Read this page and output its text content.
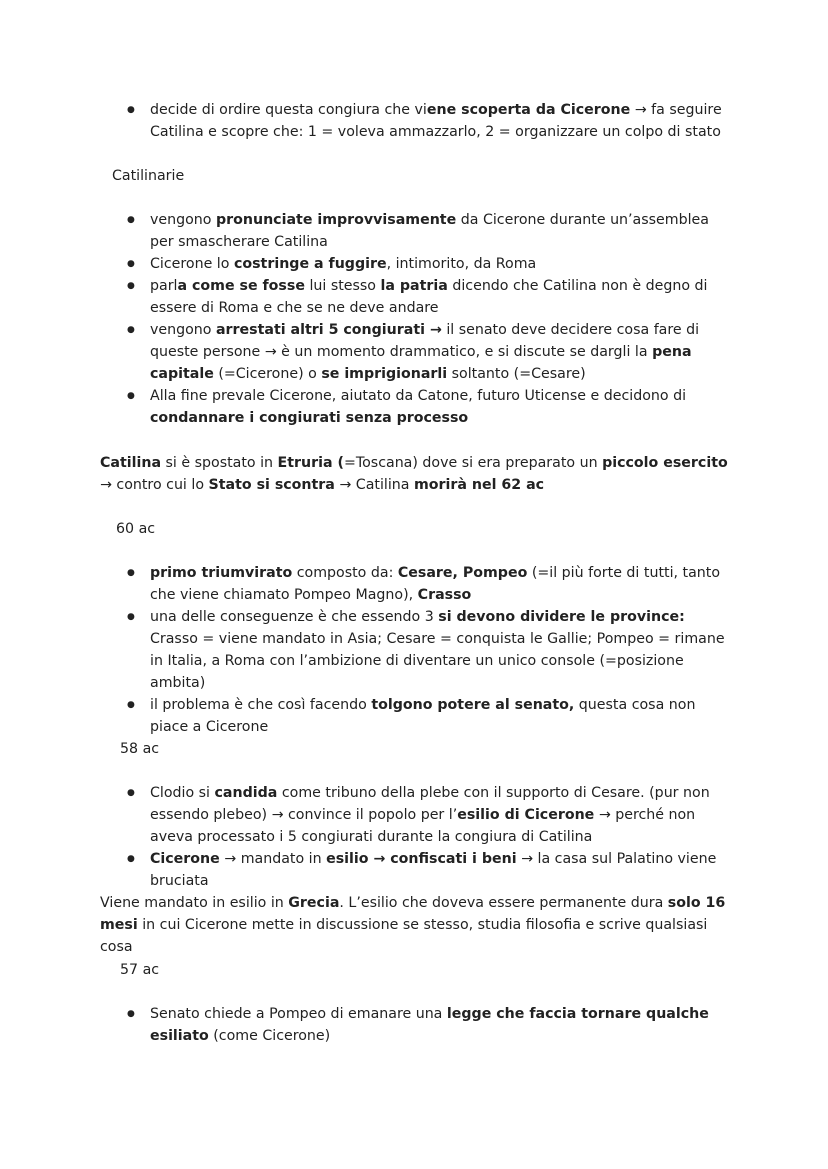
● decide di ordire questa congiura che viene scoperta da Cicerone → fa seguire Catilina e scopre che: 1 = voleva ammazzarlo, 2 = organizzare un colpo di stato

Catilinarie

● vengono pronunciate improvvisamente da Cicerone durante un’assemblea per smascherare Catilina
● Cicerone lo costringe a fuggire, intimorito, da Roma
● parla come se fosse lui stesso la patria dicendo che Catilina non è degno di essere di Roma e che se ne deve andare
● vengono arrestati altri 5 congiurati → il senato deve decidere cosa fare di queste persone → è un momento drammatico, e si discute se dargli la pena capitale (=Cicerone) o se imprigionarli soltanto (=Cesare)
● Alla fine prevale Cicerone, aiutato da Catone, futuro Uticense e decidono di condannare i congiurati senza processo

Catilina si è spostato in Etruria (=Toscana) dove si era preparato un piccolo esercito → contro cui lo Stato si scontra → Catilina morirà nel 62 ac

60 ac

● primo triumvirato composto da: Cesare, Pompeo (=il più forte di tutti, tanto che viene chiamato Pompeo Magno), Crasso
● una delle conseguenze è che essendo 3 si devono dividere le province: Crasso = viene mandato in Asia; Cesare = conquista le Gallie; Pompeo = rimane in Italia, a Roma con l’ambizione di diventare un unico console (=posizione ambita)
● il problema è che così facendo tolgono potere al senato, questa cosa non piace a Cicerone

58 ac

● Clodio si candida come tribuno della plebe con il supporto di Cesare. (pur non essendo plebeo) → convince il popolo per l’esilio di Cicerone → perché non aveva processato i 5 congiurati durante la congiura di Catilina
● Cicerone → mandato in esilio → confiscati i beni → la casa sul Palatino viene bruciata

Viene mandato in esilio in Grecia. L’esilio che doveva essere permanente dura solo 16 mesi in cui Cicerone mette in discussione se stesso, studia filosofia e scrive qualsiasi cosa

57 ac

● Senato chiede a Pompeo di emanare una legge che faccia tornare qualche esiliato (come Cicerone)
